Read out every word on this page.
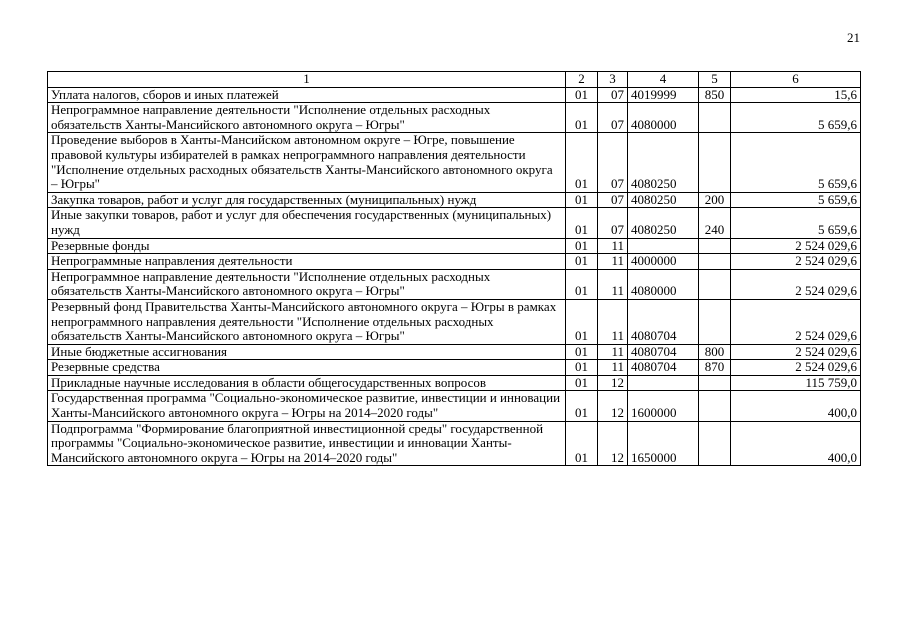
21
1	2	3	4	5	6
Уплата налогов, сборов и иных платежей	01	07	4019999	850	15,6
Непрограммное направление деятельности "Исполнение отдельных расходных обязательств Ханты-Мансийского автономного округа – Югры"	01	07	4080000		5 659,6
Проведение выборов в Ханты-Мансийском автономном округе – Югре, повышение правовой культуры избирателей в рамках непрограммного направления деятельности "Исполнение отдельных расходных обязательств Ханты-Мансийского автономного округа – Югры"	01	07	4080250		5 659,6
Закупка товаров, работ и услуг для государственных (муниципальных) нужд	01	07	4080250	200	5 659,6
Иные закупки товаров, работ и услуг для обеспечения государственных (муниципальных) нужд	01	07	4080250	240	5 659,6
Резервные фонды	01	11			2 524 029,6
Непрограммные направления деятельности	01	11	4000000		2 524 029,6
Непрограммное направление деятельности "Исполнение отдельных расходных обязательств Ханты-Мансийского автономного округа – Югры"	01	11	4080000		2 524 029,6
Резервный фонд Правительства Ханты-Мансийского автономного округа – Югры в рамках непрограммного направления деятельности "Исполнение отдельных расходных обязательств Ханты-Мансийского автономного округа – Югры"	01	11	4080704		2 524 029,6
Иные бюджетные ассигнования	01	11	4080704	800	2 524 029,6
Резервные средства	01	11	4080704	870	2 524 029,6
Прикладные научные исследования в области общегосударственных вопросов	01	12			115 759,0
Государственная программа "Социально-экономическое развитие, инвестиции и инновации Ханты-Мансийского автономного округа – Югры на 2014–2020 годы"	01	12	1600000		400,0
Подпрограмма "Формирование благоприятной инвестиционной среды" государственной программы "Социально-экономическое развитие, инвестиции и инновации Ханты-Мансийского автономного округа – Югры на 2014–2020 годы"	01	12	1650000		400,0
